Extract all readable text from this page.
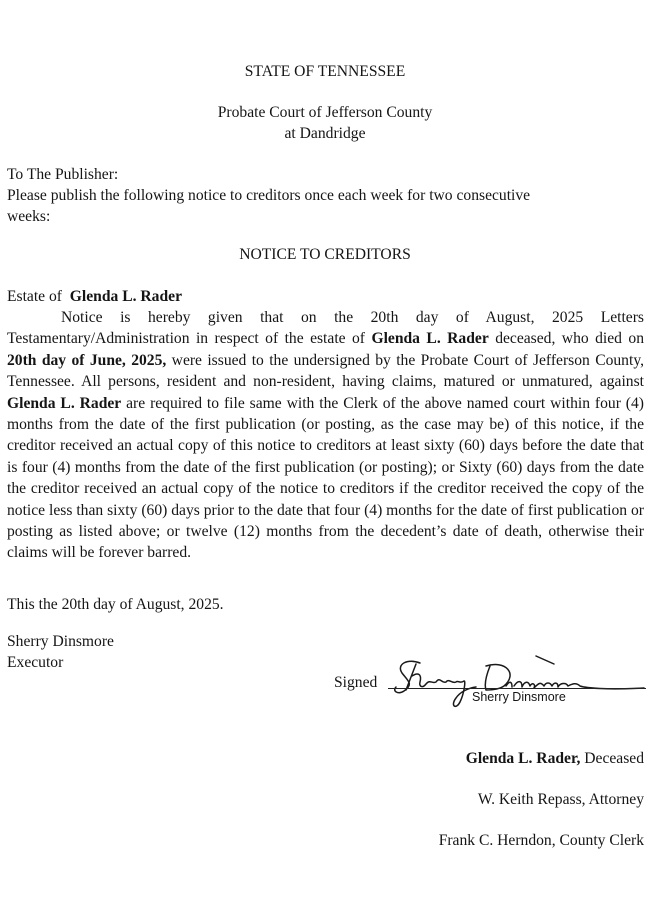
STATE OF TENNESSEE
Probate Court of Jefferson County
at Dandridge
To The Publisher:
Please publish the following notice to creditors once each week for two consecutive
weeks:
NOTICE TO CREDITORS
Estate of Glenda L. Rader
Notice is hereby given that on the 20th day of August, 2025 Letters Testamentary/Administration in respect of the estate of Glenda L. Rader deceased, who died on 20th day of June, 2025, were issued to the undersigned by the Probate Court of Jefferson County, Tennessee. All persons, resident and non-resident, having claims, matured or unmatured, against Glenda L. Rader are required to file same with the Clerk of the above named court within four (4) months from the date of the first publication (or posting, as the case may be) of this notice, if the creditor received an actual copy of this notice to creditors at least sixty (60) days before the date that is four (4) months from the date of the first publication (or posting); or Sixty (60) days from the date the creditor received an actual copy of the notice to creditors if the creditor received the copy of the notice less than sixty (60) days prior to the date that four (4) months for the date of first publication or posting as listed above; or twelve (12) months from the decedent’s date of death, otherwise their claims will be forever barred.
This the 20th day of August, 2025.
Sherry Dinsmore
Executor
Signed
Sherry Dinsmore
Glenda L. Rader, Deceased
W. Keith Repass, Attorney
Frank C. Herndon, County Clerk
